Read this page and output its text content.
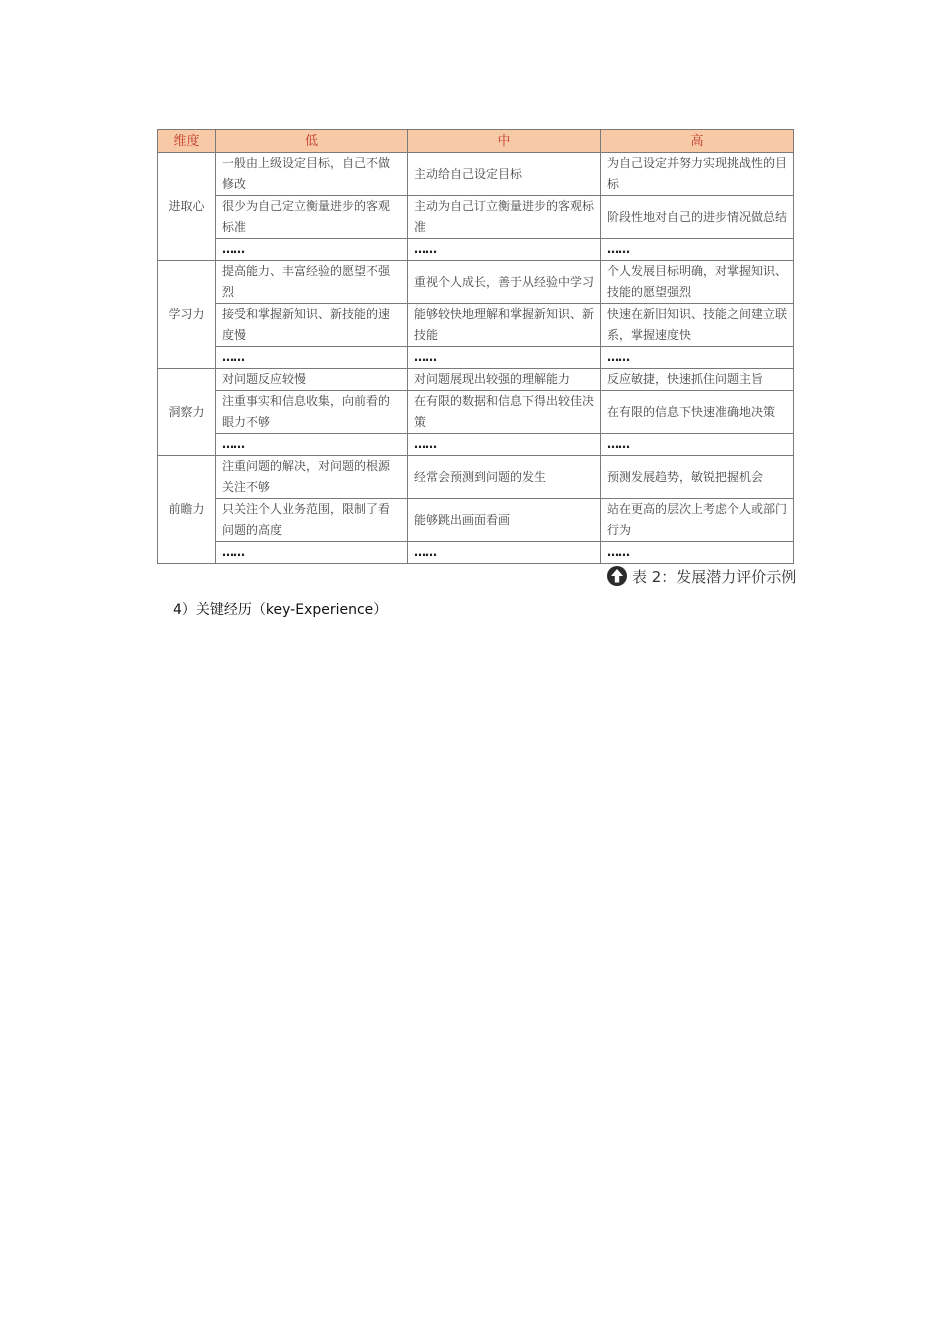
维度	低	中	高
进取心	一般由上级设定目标，自己不做修改	主动给自己设定目标	为自己设定并努力实现挑战性的目标
	很少为自己定立衡量进步的客观标准	主动为自己订立衡量进步的客观标准	阶段性地对自己的进步情况做总结
	……	……	……
学习力	提高能力、丰富经验的愿望不强烈	重视个人成长，善于从经验中学习	个人发展目标明确，对掌握知识、技能的愿望强烈
	接受和掌握新知识、新技能的速度慢	能够较快地理解和掌握新知识、新技能	快速在新旧知识、技能之间建立联系，掌握速度快
	……	……	……
洞察力	对问题反应较慢	对问题展现出较强的理解能力	反应敏捷，快速抓住问题主旨
	注重事实和信息收集，向前看的眼力不够	在有限的数据和信息下得出较佳决策	在有限的信息下快速准确地决策
	……	……	……
前瞻力	注重问题的解决，对问题的根源关注不够	经常会预测到问题的发生	预测发展趋势，敏锐把握机会
	只关注个人业务范围，限制了看问题的高度	能够跳出画面看画	站在更高的层次上考虑个人或部门行为
	……	……	……
表 2：发展潜力评价示例
4）关键经历（key-Experience）
